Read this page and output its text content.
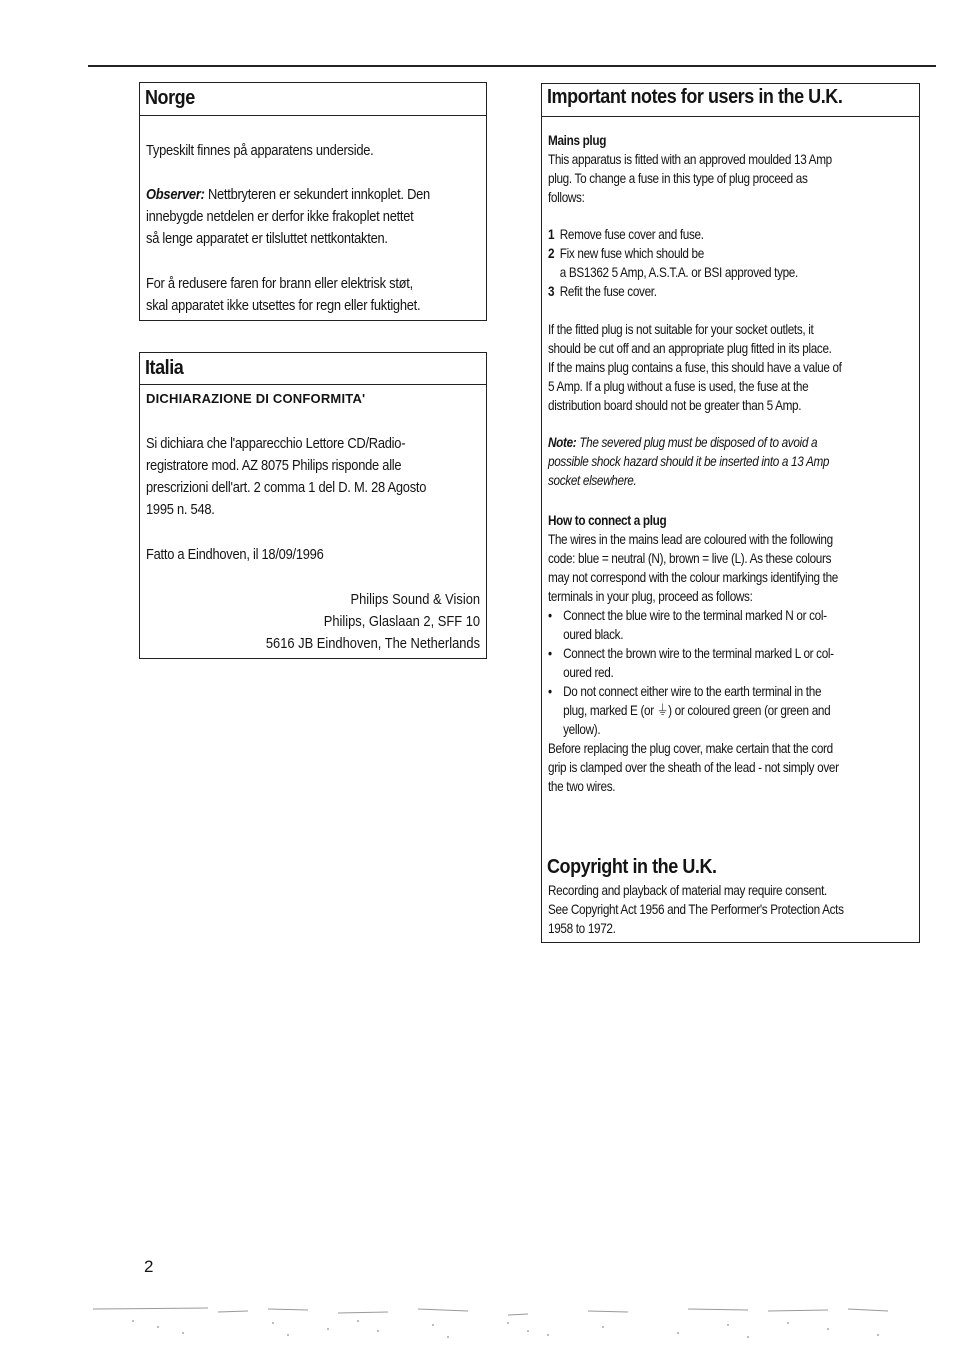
Norge
Typeskilt finnes på apparatens underside.
Observer: Nettbryteren er sekundert innkoplet. Den
innebygde netdelen er derfor ikke frakoplet nettet
så lenge apparatet er tilsluttet nettkontakten.
For å redusere faren for brann eller elektrisk støt,
skal apparatet ikke utsettes for regn eller fuktighet.
Italia
DICHIARAZIONE DI CONFORMITA'
Si dichiara che l'apparecchio Lettore CD/Radio-
registratore mod. AZ 8075 Philips risponde alle
prescrizioni dell'art. 2 comma 1 del D. M. 28 Agosto
1995 n. 548.
Fatto a Eindhoven, il 18/09/1996
Philips Sound & Vision
Philips, Glaslaan 2, SFF 10
5616 JB Eindhoven, The Netherlands
Important notes for users in the U.K.
Mains plug
This apparatus is fitted with an approved moulded 13 Amp
plug. To change a fuse in this type of plug proceed as
follows:
1 Remove fuse cover and fuse.
2 Fix new fuse which should be
a BS1362 5 Amp, A.S.T.A. or BSI approved type.
3 Refit the fuse cover.
If the fitted plug is not suitable for your socket outlets, it
should be cut off and an appropriate plug fitted in its place.
If the mains plug contains a fuse, this should have a value of
5 Amp. If a plug without a fuse is used, the fuse at the
distribution board should not be greater than 5 Amp.
Note: The severed plug must be disposed of to avoid a
possible shock hazard should it be inserted into a 13 Amp
socket elsewhere.
How to connect a plug
The wires in the mains lead are coloured with the following
code: blue = neutral (N), brown = live (L). As these colours
may not correspond with the colour markings identifying the
terminals in your plug, proceed as follows:
• Connect the blue wire to the terminal marked N or col-
oured black.
• Connect the brown wire to the terminal marked L or col-
oured red.
• Do not connect either wire to the earth terminal in the
plug, marked E (or ⏚) or coloured green (or green and
yellow).
Before replacing the plug cover, make certain that the cord
grip is clamped over the sheath of the lead - not simply over
the two wires.
Copyright in the U.K.
Recording and playback of material may require consent.
See Copyright Act 1956 and The Performer's Protection Acts
1958 to 1972.
2
